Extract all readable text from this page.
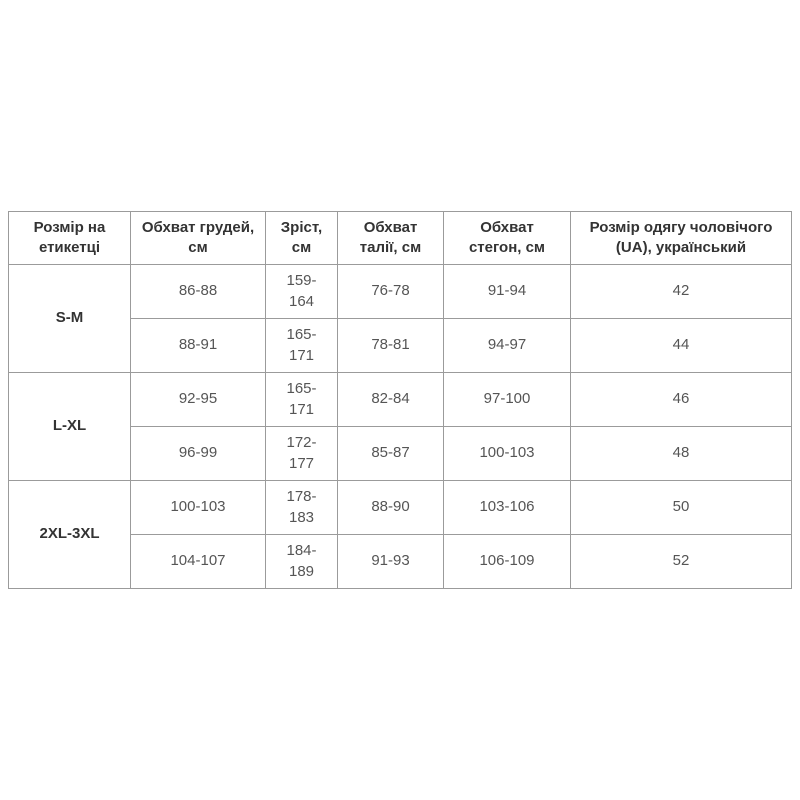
Розмір на етикетці	Обхват грудей, см	Зріст, см	Обхват талії, см	Обхват стегон, см	Розмір одягу чоловічого (UA), український
S-M	86-88	159-164	76-78	91-94	42
	88-91	165-171	78-81	94-97	44
L-XL	92-95	165-171	82-84	97-100	46
	96-99	172-177	85-87	100-103	48
2XL-3XL	100-103	178-183	88-90	103-106	50
	104-107	184-189	91-93	106-109	52
